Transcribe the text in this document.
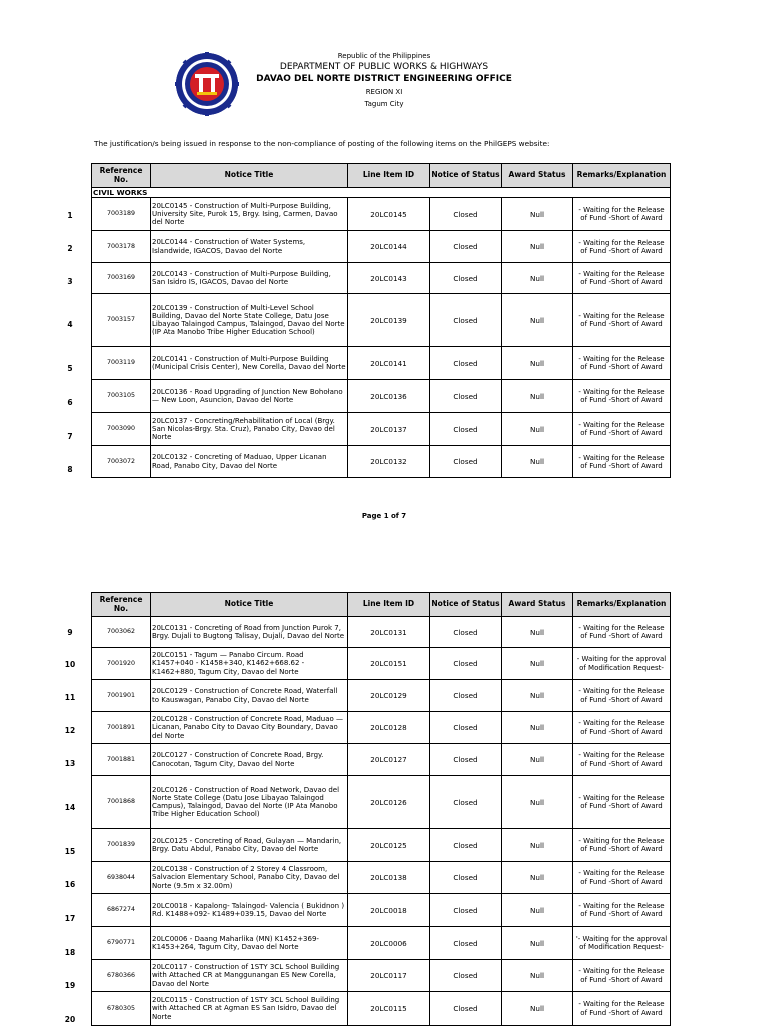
Republic of the Philippines
DEPARTMENT OF PUBLIC WORKS & HIGHWAYS
DAVAO DEL NORTE DISTRICT ENGINEERING OFFICE
REGION XI
Tagum City
The justification/s being issued in response to the non-compliance of posting of the following items on the PhilGEPS website:
1
2
3
4
5
6
7
8
Reference No.	Notice Title	Line Item ID	Notice of Status	Award Status	Remarks/Explanation
CIVIL WORKS					
7003189	20LC0145 - Construction of Multi-Purpose Building, University Site, Purok 15, Brgy. Ising, Carmen, Davao del Norte	20LC0145	Closed	Null	- Waiting for the Release of Fund -Short of Award
7003178	20LC0144 - Construction of Water Systems, Islandwide, IGACOS, Davao del Norte	20LC0144	Closed	Null	- Waiting for the Release of Fund -Short of Award
7003169	20LC0143 - Construction of Multi-Purpose Building, San Isidro IS, IGACOS, Davao del Norte	20LC0143	Closed	Null	- Waiting for the Release of Fund -Short of Award
7003157	20LC0139 - Construction of Multi-Level School Building, Davao del Norte State College, Datu Jose Libayao Talaingod Campus, Talaingod, Davao del Norte (IP Ata Manobo Tribe Higher Education School)	20LC0139	Closed	Null	- Waiting for the Release of Fund -Short of Award
7003119	20LC0141 - Construction of Multi-Purpose Building (Municipal Crisis Center), New Corella, Davao del Norte	20LC0141	Closed	Null	- Waiting for the Release of Fund -Short of Award
7003105	20LC0136 - Road Upgrading of Junction New Bohołano — New Loon, Asuncion, Davao del Norte	20LC0136	Closed	Null	- Waiting for the Release of Fund -Short of Award
7003090	20LC0137 - Concreting/Rehabilitation of Local (Brgy. San Nicolas-Brgy. Sta. Cruz), Panabo City, Davao del Norte	20LC0137	Closed	Null	- Waiting for the Release of Fund -Short of Award
7003072	20LC0132 - Concreting of Maduao, Upper Licanan Road, Panabo City, Davao del Norte	20LC0132	Closed	Null	- Waiting for the Release of Fund -Short of Award
Page 1 of 7
9
10
11
12
13
14
15
16
17
18
19
20
Reference No.	Notice Title	Line Item ID	Notice of Status	Award Status	Remarks/Explanation
7003062	20LC0131 - Concreting of Road from Junction Purok 7, Brgy. Dujali to Bugtong Talisay, Dujali, Davao del Norte	20LC0131	Closed	Null	- Waiting for the Release of Fund -Short of Award
7001920	20LC0151 - Tagum — Panabo Circum. Road K1457+040 - K1458+340, K1462+668.62 - K1462+880, Tagum City, Davao del Norte	20LC0151	Closed	Null	- Waiting for the approval of Modification Request-
7001901	20LC0129 - Construction of Concrete Road, Waterfall to Kauswagan, Panabo City, Davao del Norte	20LC0129	Closed	Null	- Waiting for the Release of Fund -Short of Award
7001891	20LC0128 - Construction of Concrete Road, Maduao — Licanan, Panabo City to Davao City Boundary, Davao del Norte	20LC0128	Closed	Null	- Waiting for the Release of Fund -Short of Award
7001881	20LC0127 - Construction of Concrete Road, Brgy. Canocotan, Tagum City, Davao del Norte	20LC0127	Closed	Null	- Waiting for the Release of Fund -Short of Award
7001868	20LC0126 - Construction of Road Network, Davao del Norte State College (Datu Jose Libayao Talaingod Campus), Talaingod, Davao del Norte (IP Ata Manobo Tribe Higher Education School)	20LC0126	Closed	Null	- Waiting for the Release of Fund -Short of Award
7001839	20LC0125 - Concreting of Road, Gulayan — Mandarin, Brgy. Datu Abdul, Panabo City, Davao del Norte	20LC0125	Closed	Null	- Waiting for the Release of Fund -Short of Award
6938044	20LC0138 - Construction of 2 Storey 4 Classroom, Salvacion Elementary School, Panabo City, Davao del Norte (9.5m x 32.00m)	20LC0138	Closed	Null	- Waiting for the Release of Fund -Short of Award
6867274	20LC0018 - Kapalong- Talaingod- Valencia ( Bukidnon ) Rd. K1488+092- K1489+039.15, Davao del Norte	20LC0018	Closed	Null	- Waiting for the Release of Fund -Short of Award
6790771	20LC0006 - Daang Maharlika (MN) K1452+369-K1453+264, Tagum City, Davao del Norte	20LC0006	Closed	Null	'- Waiting for the approval of Modification Request-
6780366	20LC0117 - Construction of 1STY 3CL School Building with Attached CR at Manggunangan ES New Corella, Davao del Norte	20LC0117	Closed	Null	- Waiting for the Release of Fund -Short of Award
6780305	20LC0115 - Construction of 1STY 3CL School Building with Attached CR at Agman ES San Isidro, Davao del Norte	20LC0115	Closed	Null	- Waiting for the Release of Fund -Short of Award
